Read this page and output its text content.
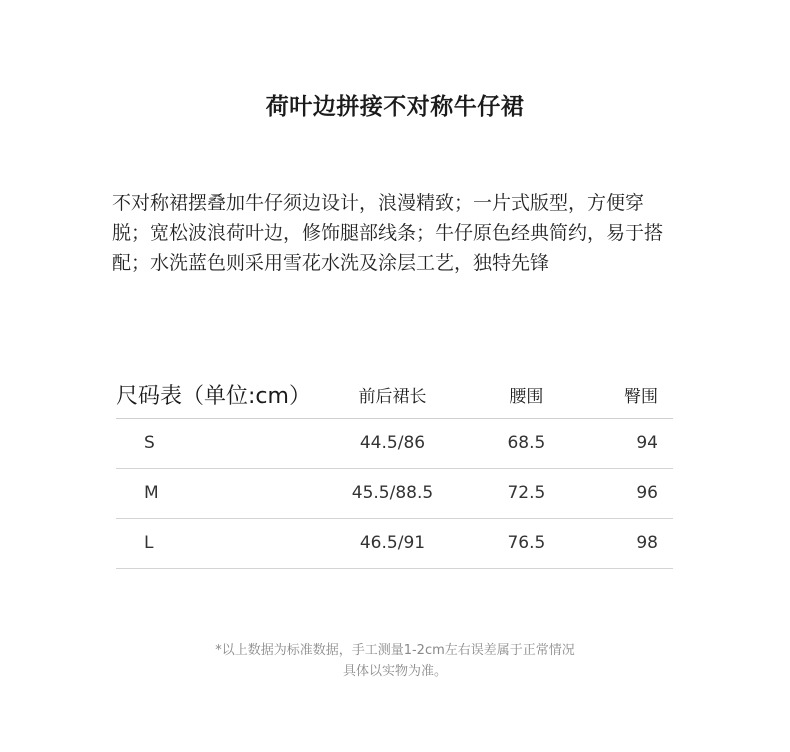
荷叶边拼接不对称牛仔裙
不对称裙摆叠加牛仔须边设计，浪漫精致；一片式版型，方便穿脱；宽松波浪荷叶边，修饰腿部线条；牛仔原色经典简约，易于搭配；水洗蓝色则采用雪花水洗及涂层工艺，独特先锋
尺码表（单位:cm）	前后裙长	腰围	臀围
S	44.5/86	68.5	94
M	45.5/88.5	72.5	96
L	46.5/91	76.5	98
*以上数据为标准数据，手工测量1-2cm左右误差属于正常情况
具体以实物为准。
